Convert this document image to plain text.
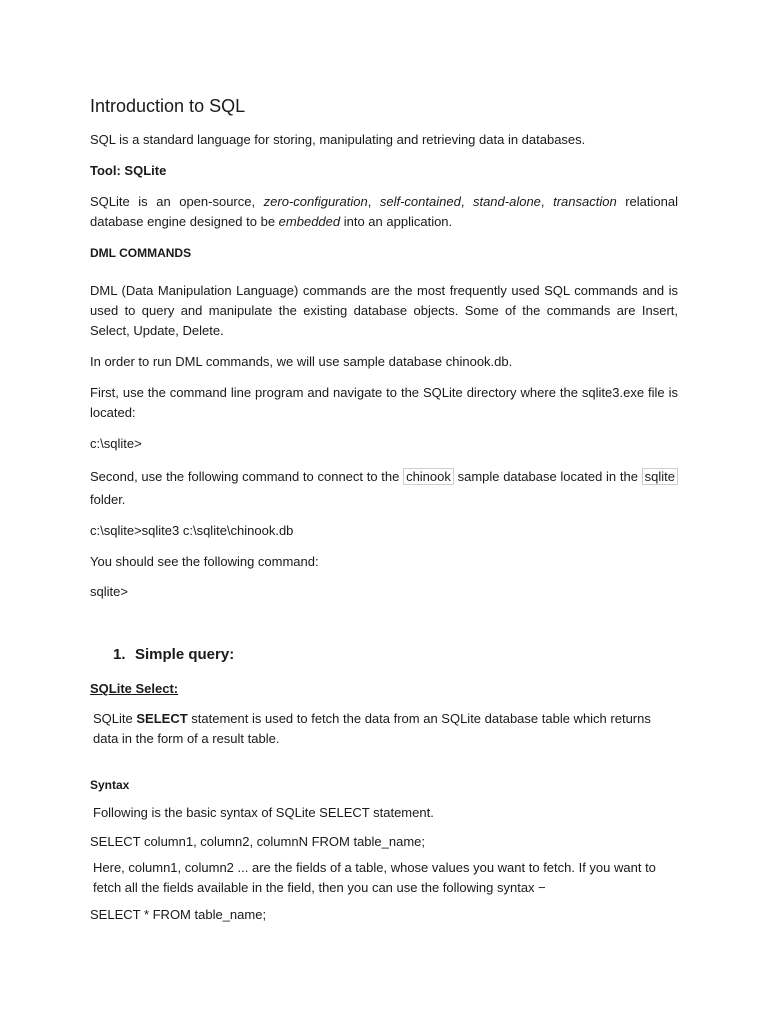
Introduction to SQL

SQL is a standard language for storing, manipulating and retrieving data in databases.

Tool: SQLite

SQLite is an open-source, zero-configuration, self-contained, stand-alone, transaction relational database engine designed to be embedded into an application.

DML COMMANDS

DML (Data Manipulation Language) commands are the most frequently used SQL commands and is used to query and manipulate the existing database objects. Some of the commands are Insert, Select, Update, Delete.

In order to run DML commands, we will use sample database chinook.db.

First, use the command line program and navigate to the SQLite directory where the sqlite3.exe file is located:

c:\sqlite>

Second, use the following command to connect to the chinook sample database located in the sqlite folder.

c:\sqlite>sqlite3 c:\sqlite\chinook.db

You should see the following command:

sqlite>

1. Simple query:

SQLite Select:

SQLite SELECT statement is used to fetch the data from an SQLite database table which returns data in the form of a result table.

Syntax

Following is the basic syntax of SQLite SELECT statement.

SELECT column1, column2, columnN FROM table_name;

Here, column1, column2 ... are the fields of a table, whose values you want to fetch. If you want to fetch all the fields available in the field, then you can use the following syntax −

SELECT * FROM table_name;
